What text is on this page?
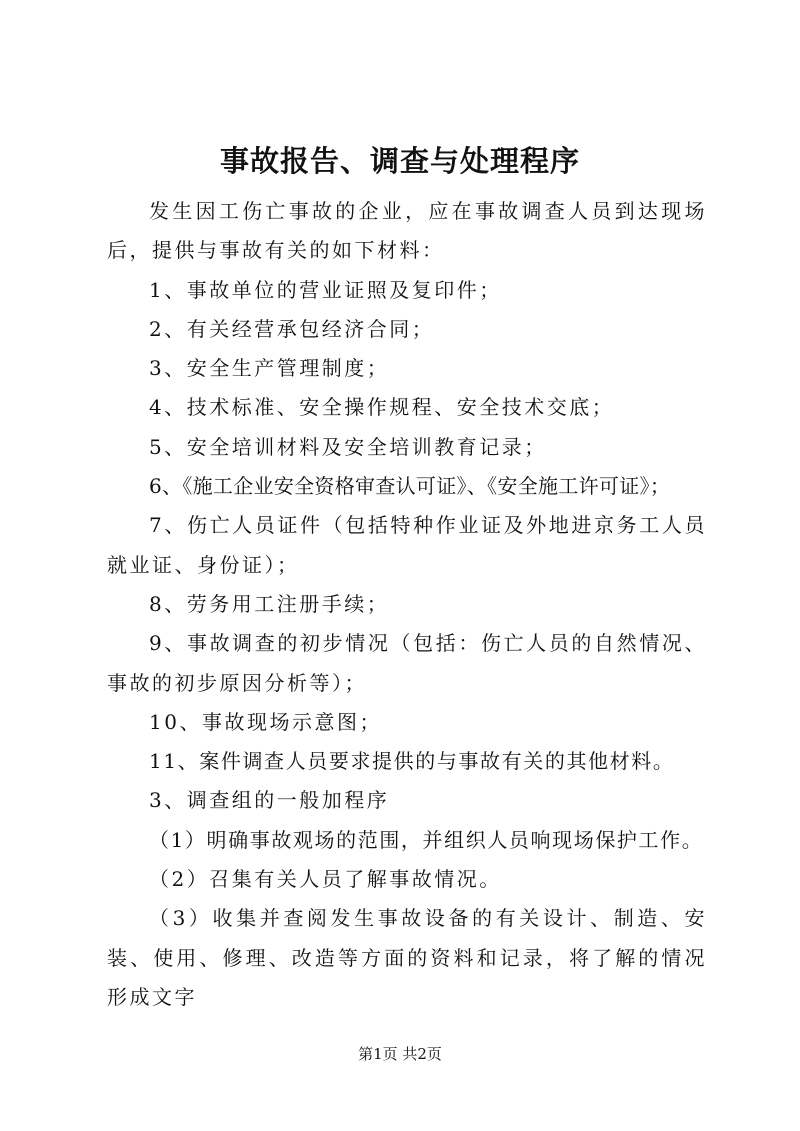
事故报告、调查与处理程序

发生因工伤亡事故的企业，应在事故调查人员到达现场后，提供与事故有关的如下材料：

1、事故单位的营业证照及复印件；

2、有关经营承包经济合同；

3、安全生产管理制度；

4、技术标准、安全操作规程、安全技术交底；

5、安全培训材料及安全培训教育记录；

6、《施工企业安全资格审查认可证》、《安全施工许可证》；

7、伤亡人员证件（包括特种作业证及外地进京务工人员就业证、身份证）；

8、劳务用工注册手续；

9、事故调查的初步情况（包括：伤亡人员的自然情况、事故的初步原因分析等）；

10、事故现场示意图；

11、案件调查人员要求提供的与事故有关的其他材料。

3、调查组的一般加程序

（1）明确事故观场的范围，并组织人员响现场保护工作。

（2）召集有关人员了解事故情况。

（3）收集并查阅发生事故设备的有关设计、制造、安装、使用、修理、改造等方面的资料和记录，将了解的情况形成文字

第1页 共2页
